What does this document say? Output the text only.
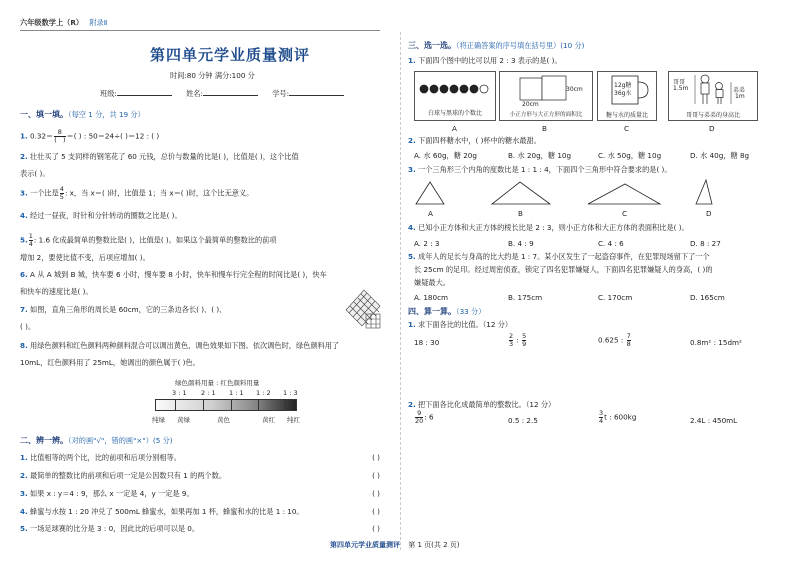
六年级数学上（R） 附录Ⅱ
第四单元学业质量测评
时间:80 分钟 满分:100 分
班级:	姓名:	学号:
一、填一填。（每空 1 分，共 19 分）
1. $0.32= \frac{8}{( )}$ ＝( ) : 50＝24÷( )＝12 : ( )
2. 壮壮买了 5 支同样的钢笔花了 60 元钱，总价与数量的比是( )，比值是( )，这个比值
表示( )。
3. 一个比是 $\frac{4}{5}$ : x，当 x＝( )时，比值是 1；当 x＝( )时，这个比无意义。
4. 经过一昼夜，时针和分针转动的圈数之比是( )。
5. $\frac{1}{4}$ : 1.6 化成最简单的整数比是( )，比值是( )。如果这个最简单的整数比的前项
增加 2，要使比值不变，后项应增加( )。
6. A 从 A 城到 B 城，快车要 6 小时，慢车要 8 小时，快车和慢车行完全程的时间比是( )，快车
和快车的速度比是( )。
7. 如图，直角三角形的周长是 60cm，它的三条边各长( )、( )、
( )。
8. 用绿色颜料和红色颜料两种颜料混合可以调出黄色，调色效果如下图。依次调色时，绿色颜料用了
10mL，红色颜料用了 25mL，她调出的颜色属于( )色。
绿色颜料用量 : 红色颜料用量
3 : 1 2 : 1 1 : 1 1 : 2 1 : 3
纯绿 黄绿	黄色	黄红 纯红
二、辨一辨。（对的画"√"，错的画"×"）(5 分)
1. 比值相等的两个比，比的前项和后项分别相等。	( )
2. 最简单的整数比的前项和后项一定是公因数只有 1 的两个数。	( )
3. 如果 x : y＝4 : 9，那么 x 一定是 4，y 一定是 9。	( )
4. 蜂蜜与水按 1 : 20 冲兑了 500mL 蜂蜜水，如果再加 1 杯，蜂蜜和水的比是 1 : 10。	( )
5. 一场足球赛的比分是 3 : 0，因此比的后项可以是 0。	( )
三、选一选。（将正确答案的序号填在括号里）(10 分)
1. 下面四个图中的比可以用 2 : 3 表示的是( )。
白球与黑球的个数比
30cm
20cm
小正方形与大正方形的面积比
12g糖
36g水
糖与水的质量比
哥哥
1.5m	弟弟
1m
哥哥与弟弟的身高比
A	B	C	D
2. 下面四杯糖水中，( )杯中的糖水最甜。
A. 水 60g，糖 20g	B. 水 20g，糖 10g	C. 水 50g，糖 10g	D. 水 40g，糖 8g
3. 一个三角形三个内角的度数比是 1 : 1 : 4，下面四个三角形中符合要求的是( )。
A	B	C	D
4. 已知小正方体和大正方体的棱长比是 2 : 3，则小正方体和大正方体的表面积比是( )。
A. 2 : 3	B. 4 : 9	C. 4 : 6	D. 8 : 27
5. 成年人的足长与身高的比大约是 1 : 7。某小区发生了一起盗窃事件，在犯罪现场留下了一个
长 25cm 的足印。经过周密侦查，锁定了四名犯罪嫌疑人，下面四名犯罪嫌疑人的身高，( )的
嫌疑最大。
A. 180cm	B. 175cm	C. 170cm	D. 165cm
四、算一算。（33 分）
1. 求下面各比的比值。（12 分）
18 : 30	$\frac{2}{3}$ : $\frac{5}{9}$	0.625 : $\frac{7}{8}$	0.8m² : 15dm²
2. 把下面各比化成最简单的整数比。（12 分）
$\frac{9}{20}$ : 6	0.5 : 2.5	$\frac{3}{4}$ t : 600kg	2.4L : 450mL
第四单元学业质量测评 第 1 页(共 2 页)
